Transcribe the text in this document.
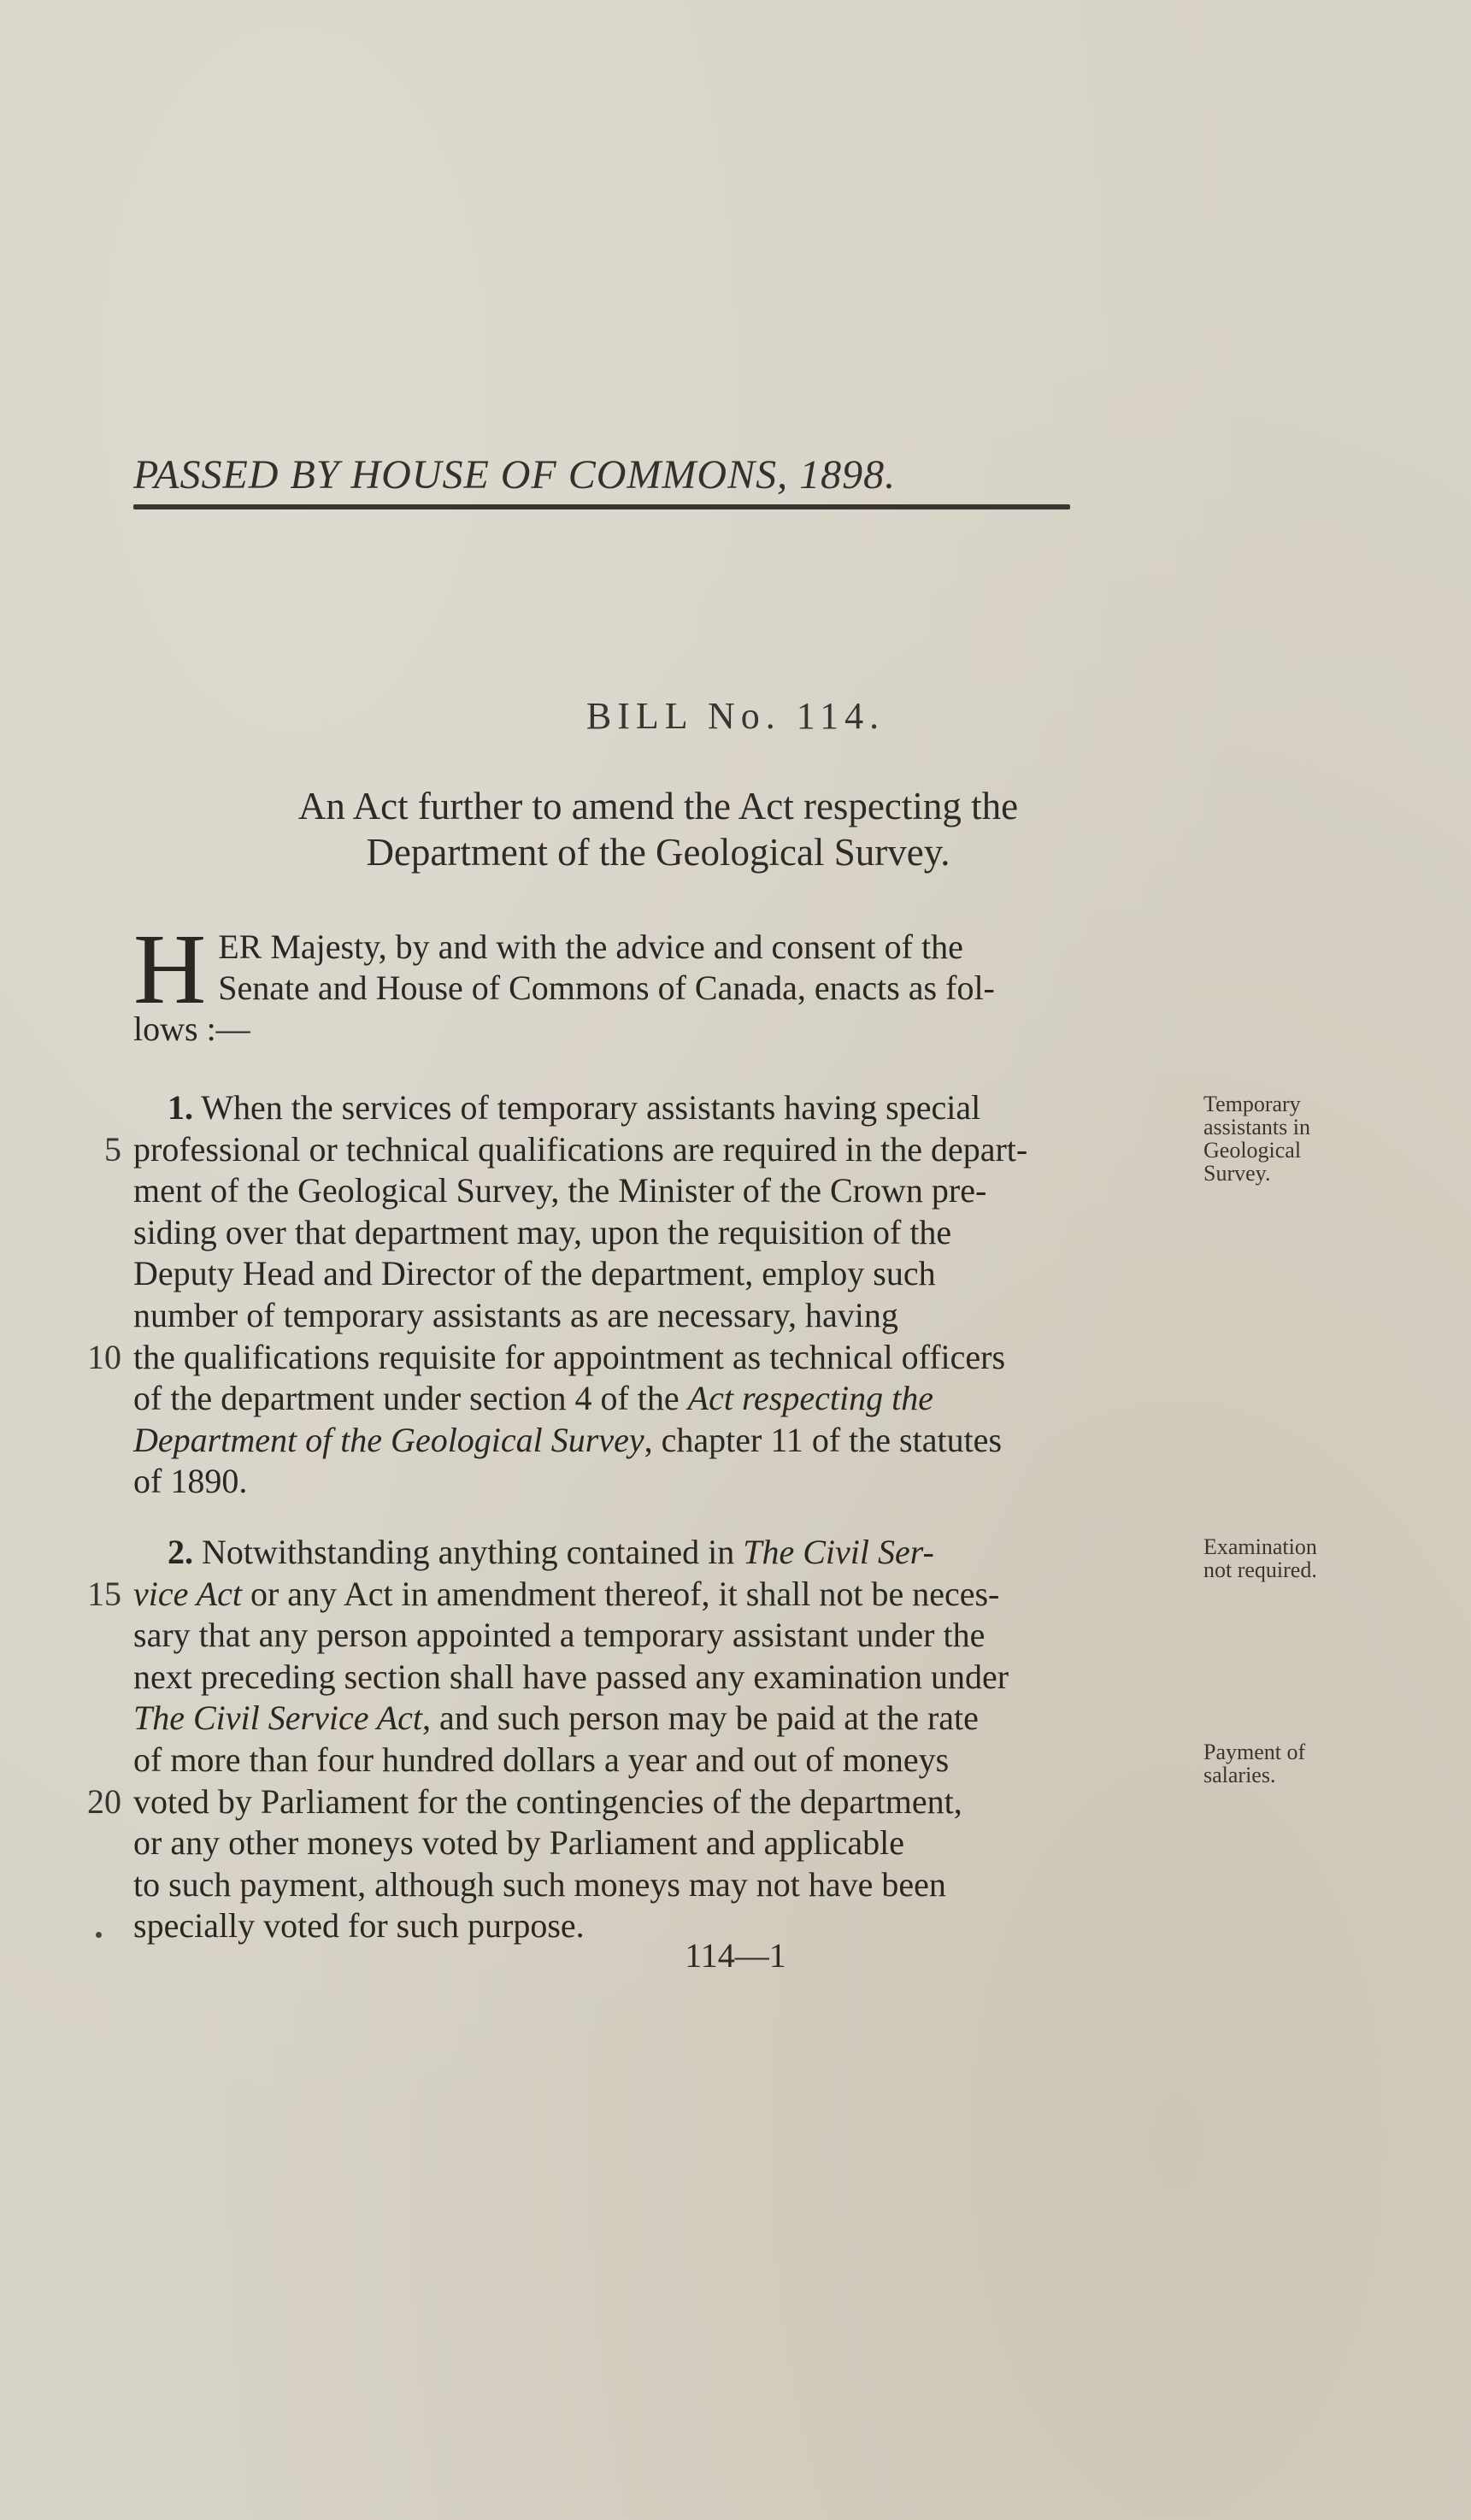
PASSED BY HOUSE OF COMMONS, 1898.
BILL No. 114.
An Act further to amend the Act respecting the
Department of the Geological Survey.
H ER Majesty, by and with the advice and consent of the
Senate and House of Commons of Canada, enacts as fol-
lows :—
1. When the services of temporary assistants having special
5 professional or technical qualifications are required in the depart-
ment of the Geological Survey, the Minister of the Crown pre-
siding over that department may, upon the requisition of the
Deputy Head and Director of the department, employ such
number of temporary assistants as are necessary, having
10 the qualifications requisite for appointment as technical officers
of the department under section 4 of the Act respecting the
Department of the Geological Survey, chapter 11 of the statutes
of 1890.
Temporary
assistants in
Geological
Survey.
2. Notwithstanding anything contained in The Civil Ser-
15 vice Act or any Act in amendment thereof, it shall not be neces-
sary that any person appointed a temporary assistant under the
next preceding section shall have passed any examination under
The Civil Service Act, and such person may be paid at the rate
of more than four hundred dollars a year and out of moneys
20 voted by Parliament for the contingencies of the department,
or any other moneys voted by Parliament and applicable
to such payment, although such moneys may not have been
specially voted for such purpose.
Examination
not required.
Payment of
salaries.
114—1
